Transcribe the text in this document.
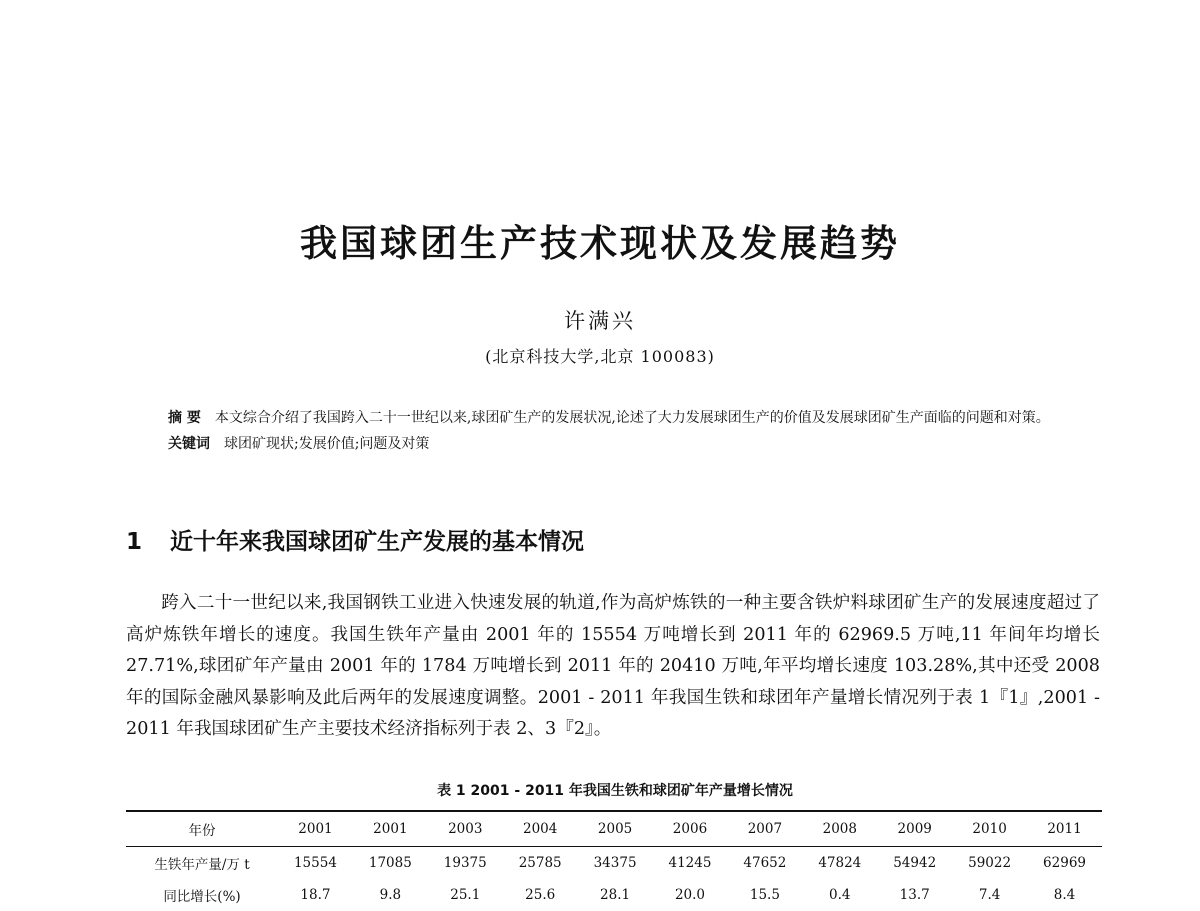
我国球团生产技术现状及发展趋势
许满兴
(北京科技大学,北京 100083)
摘 要 本文综合介绍了我国跨入二十一世纪以来,球团矿生产的发展状况,论述了大力发展球团生产的价值及发展球团矿生产面临的问题和对策。
关键词 球团矿现状;发展价值;问题及对策
1 近十年来我国球团矿生产发展的基本情况
跨入二十一世纪以来,我国钢铁工业进入快速发展的轨道,作为高炉炼铁的一种主要含铁炉料球团矿生产的发展速度超过了高炉炼铁年增长的速度。我国生铁年产量由 2001 年的 15554 万吨增长到 2011 年的 62969.5 万吨,11 年间年均增长 27.71%,球团矿年产量由 2001 年的 1784 万吨增长到 2011 年的 20410 万吨,年平均增长速度 103.28%,其中还受 2008 年的国际金融风暴影响及此后两年的发展速度调整。2001 - 2011 年我国生铁和球团年产量增长情况列于表 1『1』,2001 - 2011 年我国球团矿生产主要技术经济指标列于表 2、3『2』。
表 1 2001 - 2011 年我国生铁和球团矿年产量增长情况
年份	2001	2001	2003	2004	2005	2006	2007	2008	2009	2010	2011
生铁年产量/万 t	15554	17085	19375	25785	34375	41245	47652	47824	54942	59022	62969
同比增长(%)	18.7	9.8	25.1	25.6	28.1	20.0	15.5	0.4	13.7	7.4	8.4
